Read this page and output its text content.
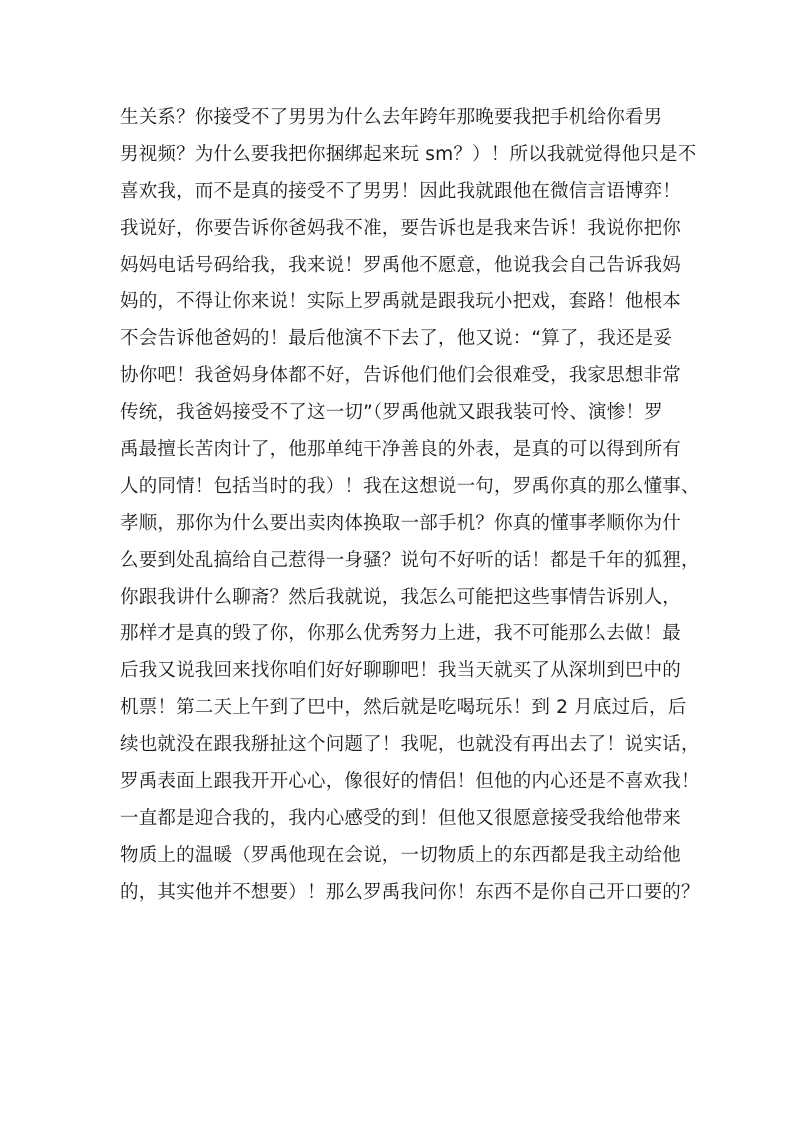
生关系？你接受不了男男为什么去年跨年那晚要我把手机给你看男
男视频？为什么要我把你捆绑起来玩 sm？）！所以我就觉得他只是不
喜欢我，而不是真的接受不了男男！因此我就跟他在微信言语博弈！
我说好，你要告诉你爸妈我不准，要告诉也是我来告诉！我说你把你
妈妈电话号码给我，我来说！罗禹他不愿意，他说我会自己告诉我妈
妈的，不得让你来说！实际上罗禹就是跟我玩小把戏，套路！他根本
不会告诉他爸妈的！最后他演不下去了，他又说：“算了，我还是妥
协你吧！我爸妈身体都不好，告诉他们他们会很难受，我家思想非常
传统，我爸妈接受不了这一切”（罗禹他就又跟我装可怜、演惨！罗
禹最擅长苦肉计了，他那单纯干净善良的外表，是真的可以得到所有
人的同情！包括当时的我）！我在这想说一句，罗禹你真的那么懂事、
孝顺，那你为什么要出卖肉体换取一部手机？你真的懂事孝顺你为什
么要到处乱搞给自己惹得一身骚？说句不好听的话！都是千年的狐狸，
你跟我讲什么聊斋？然后我就说，我怎么可能把这些事情告诉别人，
那样才是真的毁了你，你那么优秀努力上进，我不可能那么去做！最
后我又说我回来找你咱们好好聊聊吧！我当天就买了从深圳到巴中的
机票！第二天上午到了巴中，然后就是吃喝玩乐！到 2 月底过后，后
续也就没在跟我掰扯这个问题了！我呢，也就没有再出去了！说实话，
罗禹表面上跟我开开心心，像很好的情侣！但他的内心还是不喜欢我！
一直都是迎合我的，我内心感受的到！但他又很愿意接受我给他带来
物质上的温暖（罗禹他现在会说，一切物质上的东西都是我主动给他
的，其实他并不想要）！那么罗禹我问你！东西不是你自己开口要的？
